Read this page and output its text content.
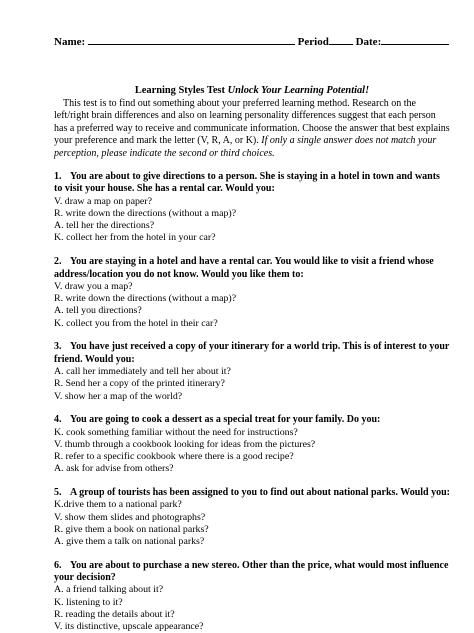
Name:	Period Date:
Learning Styles Test Unlock Your Learning Potential!
This test is to find out something about your preferred learning method. Research on the left/right brain differences and also on learning personality differences suggest that each person has a preferred way to receive and communicate information. Choose the answer that best explains your preference and mark the letter (V, R, A, or K). If only a single answer does not match your perception, please indicate the second or third choices.
1. You are about to give directions to a person. She is staying in a hotel in town and wants to visit your house. She has a rental car. Would you:
V. draw a map on paper?
R. write down the directions (without a map)?
A. tell her the directions?
K. collect her from the hotel in your car?
2. You are staying in a hotel and have a rental car. You would like to visit a friend whose address/location you do not know. Would you like them to:
V. draw you a map?
R. write down the directions (without a map)?
A. tell you directions?
K. collect you from the hotel in their car?
3. You have just received a copy of your itinerary for a world trip. This is of interest to your friend. Would you:
A. call her immediately and tell her about it?
R. Send her a copy of the printed itinerary?
V. show her a map of the world?
4. You are going to cook a dessert as a special treat for your family. Do you:
K. cook something familiar without the need for instructions?
V. thumb through a cookbook looking for ideas from the pictures?
R. refer to a specific cookbook where there is a good recipe?
A. ask for advise from others?
5. A group of tourists has been assigned to you to find out about national parks. Would you:
K.drive them to a national park?
V. show them slides and photographs?
R. give them a book on national parks?
A. give them a talk on national parks?
6. You are about to purchase a new stereo. Other than the price, what would most influence your decision?
A. a friend talking about it?
K. listening to it?
R. reading the details about it?
V. its distinctive, upscale appearance?
